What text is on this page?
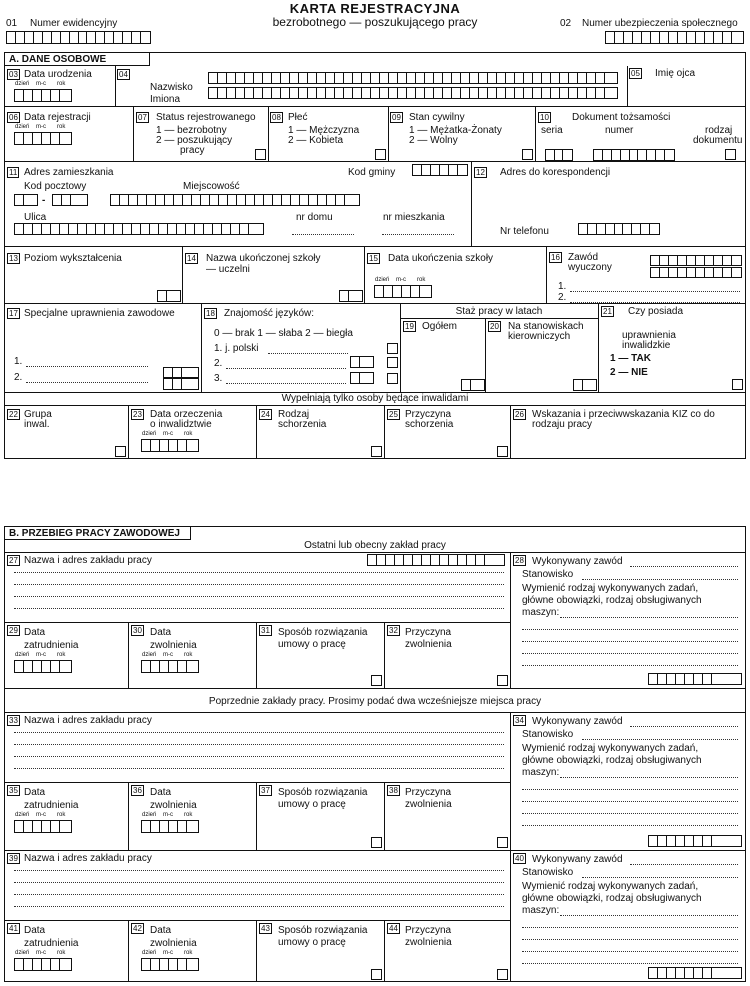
KARTA REJESTRACYJNA
bezrobotnego — poszukującego pracy
01 Numer ewidencyjny	02 Numer ubezpieczenia społecznego
A. DANE OSOBOWE
03 Data urodzenia
dzień m-c rok
04
Nazwisko
Imiona
05 Imię ojca
06 Data rejestracji
dzień m-c rok
07 Status rejestrowanego
1 — bezrobotny
2 — poszukujący
pracy
08 Płeć
1 — Mężczyzna
2 — Kobieta
09 Stan cywilny
1 — Mężatka-Żonaty
2 — Wolny
10 Dokument tożsamości
seria	numer	rodzaj
dokumentu
11 Adres zamieszkania	Kod gminy
Kod pocztowy	Miejscowość
-
Ulica	nr domu	nr mieszkania
12 Adres do korespondencji
Nr telefonu
13 Poziom wykształcenia	14 Nazwa ukończonej szkoły
— uczelni
15 Data ukończenia szkoły
dzień m-c rok
16 Zawód
wyuczony
1.
2.
17 Specjalne uprawnienia zawodowe
1.
2.
18 Znajomość języków:
0 — brak 1 — słaba 2 — biegła
1. j. polski
2.
3.
Staż pracy w latach
19 Ogółem	20 Na stanowiskach
kierowniczych
21 Czy posiada
uprawnienia
inwalidzkie
1 — TAK
2 — NIE
Wypełniają tylko osoby będące inwalidami
22 Grupa
inwal.
23 Data orzeczenia
o inwalidztwie
dzień m-c rok
24 Rodzaj
schorzenia
25 Przyczyna
schorzenia
26 Wskazania i przeciwwskazania KIZ co do
rodzaju pracy
B. PRZEBIEG PRACY ZAWODOWEJ
Ostatni lub obecny zakład pracy
Poprzednie zakłady pracy. Prosimy podać dwa wcześniejsze miejsca pracy
27 Nazwa i adres zakładu pracy	28 Wykonywany zawód
Stanowisko
Wymienić rodzaj wykonywanych zadań,
główne obowiązki, rodzaj obsługiwanych
maszyn:
29 Data
zatrudnienia
dzień m-c rok
30 Data
zwolnienia
dzień m-c rok
31 Sposób rozwiązania
umowy o pracę
32 Przyczyna
zwolnienia
33 Nazwa i adres zakładu pracy	34 Wykonywany zawód
Stanowisko
Wymienić rodzaj wykonywanych zadań,
główne obowiązki, rodzaj obsługiwanych
maszyn:
35 Data
zatrudnienia
dzień m-c rok
36 Data
zwolnienia
dzień m-c rok
37 Sposób rozwiązania
umowy o pracę
38 Przyczyna
zwolnienia
39 Nazwa i adres zakładu pracy	40 Wykonywany zawód
Stanowisko
Wymienić rodzaj wykonywanych zadań,
główne obowiązki, rodzaj obsługiwanych
maszyn:
41 Data
zatrudnienia
dzień m-c rok
42 Data
zwolnienia
dzień m-c rok
43 Sposób rozwiązania
umowy o pracę
44 Przyczyna
zwolnienia
